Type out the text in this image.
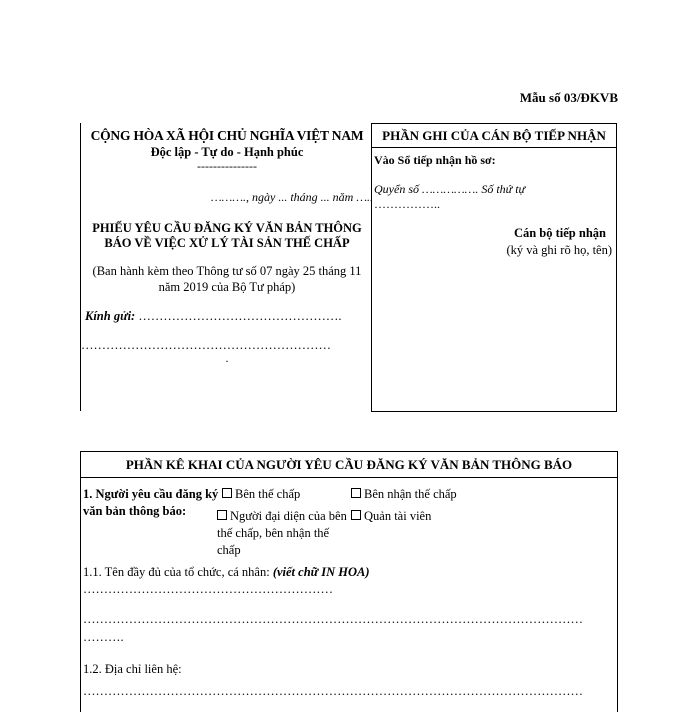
Mẫu số 03/ĐKVB
CỘNG HÒA XÃ HỘI CHỦ NGHĨA VIỆT NAM
Độc lập - Tự do - Hạnh phúc
---------------
………., ngày ... tháng ... năm …..
PHIẾU YÊU CẦU ĐĂNG KÝ VĂN BẢN THÔNG BÁO VỀ VIỆC XỬ LÝ TÀI SẢN THẾ CHẤP
(Ban hành kèm theo Thông tư số 07 ngày 25 tháng 11 năm 2019 của Bộ Tư pháp)
Kính gửi: ………………………………………….
……………………………………………………
.
PHẦN GHI CỦA CÁN BỘ TIẾP NHẬN
Vào Sổ tiếp nhận hồ sơ:
Quyển số ……………. Số thứ tự
……………..
Cán bộ tiếp nhận
(ký và ghi rõ họ, tên)
PHẦN KÊ KHAI CỦA NGƯỜI YÊU CẦU ĐĂNG KÝ VĂN BẢN THÔNG BÁO
1. Người yêu cầu đăng ký văn bản thông báo:
Bên thế chấp	Bên nhận thế chấp
Người đại diện của bên thế chấp, bên nhận thế chấp
Quản tài viên
1.1. Tên đầy đủ của tổ chức, cá nhân: (viết chữ IN HOA)
……………………………………………………
…………………………………………………………………………………………………………
……….
1.2. Địa chỉ liên hệ:
…………………………………………………………………………………………………………
